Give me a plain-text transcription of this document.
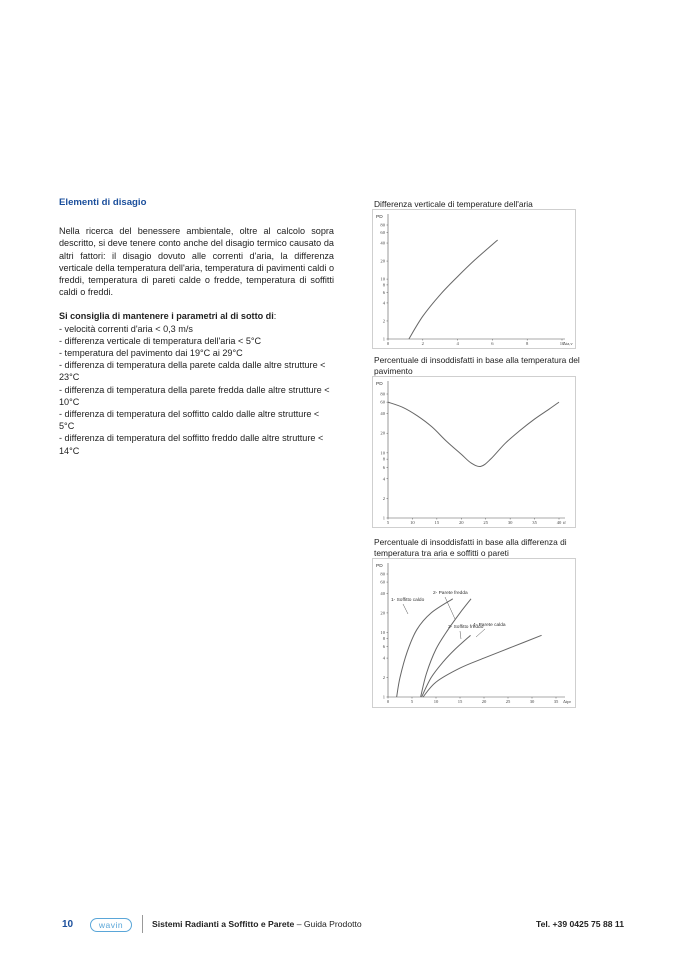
Elementi di disagio

Nella ricerca del benessere ambientale, oltre al calcolo sopra descritto, si deve tenere conto anche del disagio termico causato da altri fattori: il disagio dovuto alle correnti d'aria, la differenza verticale della temperatura dell'aria, temperatura di pavimenti caldi o freddi, temperatura di pareti calde o fredde, temperatura di soffitti caldi o freddi.

Si consiglia di mantenere i parametri al di sotto di:
- velocità correnti d'aria < 0,3 m/s
- differenza verticale di temperatura dell'aria < 5°C
- temperatura del pavimento dai 19°C ai 29°C
- differenza di temperatura della parete calda dalle altre strutture < 23°C
- differenza di temperatura della parete fredda dalle altre strutture < 10°C
- differenza di temperatura del soffitto caldo dalle altre strutture < 5°C
- differenza di temperatura del soffitto freddo dalle altre strutture < 14°C
Differenza verticale di temperature dell'aria
PD
Δta,v
1
2
4
6
8
10
20
40
60
80
0	2	4	6	8	10
Percentuale di insoddisfatti in base alla temperatura del pavimento
PD
tf
1
2
4
6
8
10
20
40
60
80
5	10	15	20	25	30	35	40
Percentuale di insoddisfatti in base alla differenza di temperatura tra aria e soffitti o pareti
PD
Δtpr
1
2
4
6
8
10
20
40
60
80
0	5	10	15	20	25	30	35
1- Soffitto caldo
2- Parete fredda
3- Soffitto freddo
4- Parete calda
10	wavin	Sistemi Radianti a Soffitto e Parete – Guida Prodotto	Tel. +39 0425 75 88 11
